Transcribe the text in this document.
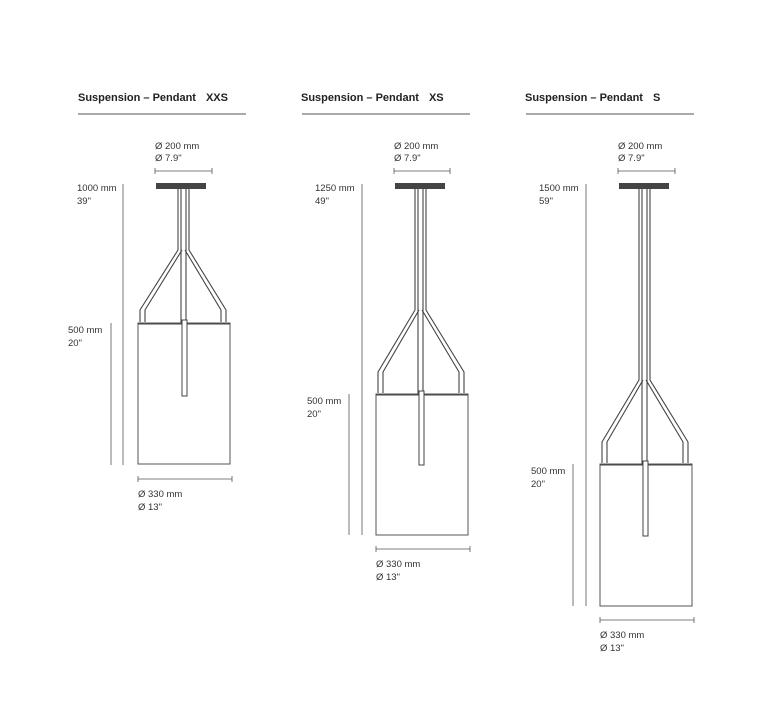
Suspension – Pendant XXS
Ø 200 mm
Ø 7.9"
1000 mm
39"
500 mm
20"
Ø 330 mm
Ø 13"
Suspension – Pendant XS
Ø 200 mm
Ø 7.9"
1250 mm
49"
500 mm
20"
Ø 330 mm
Ø 13"
Suspension – Pendant S
Ø 200 mm
Ø 7.9"
1500 mm
59"
500 mm
20"
Ø 330 mm
Ø 13"
